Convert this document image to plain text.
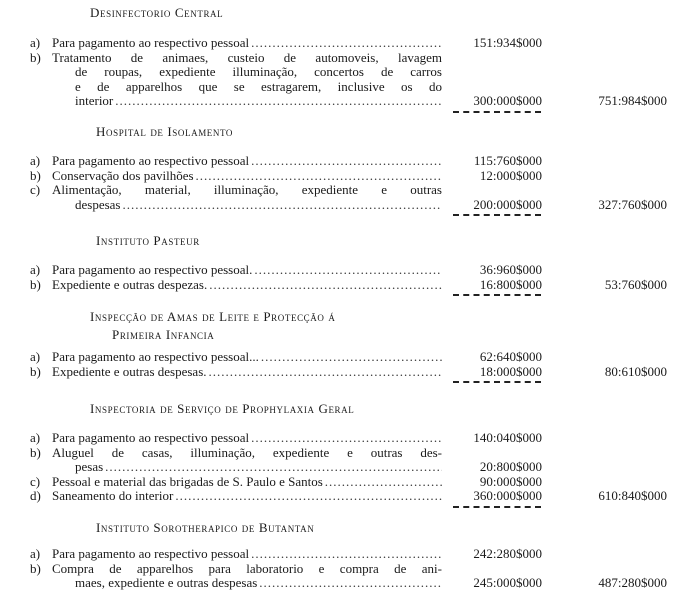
Desinfectorio Central
a) Para pagamento ao respectivo pessoal .....	151:934$000
b) Tratamento de animaes, custeio de automoveis, lavagem
de roupas, expediente illuminação, concertos de carros
e de apparelhos que se estragarem, inclusive os do
interior .....	300:000$000	751:984$000
Hospital de Isolamento
a) Para pagamento ao respectivo pessoal .....	115:760$000
b) Conservação dos pavilhões .....	12:000$000
c) Alimentação, material, illuminação, expediente e outras
despesas .....	200:000$000	327:760$000
Instituto Pasteur
a) Para pagamento ao respectivo pessoal. .....	36:960$000
b) Expediente e outras despezas. .....	16:800$000	53:760$000
Inspecção de Amas de Leite e Protecção á
Primeira Infancia
a) Para pagamento ao respectivo pessoal... .....	62:640$000
b) Expediente e outras despesas. .....	18:000$000	80:610$000
Inspectoria de Serviço de Prophylaxia Geral
a) Para pagamento ao respectivo pessoal .....	140:040$000
b) Aluguel de casas, illuminação, expediente e outras des-
pesas .....	20:800$000
c) Pessoal e material das brigadas de S. Paulo e Santos .....	90:000$000
d) Saneamento do interior .....	360:000$000	610:840$000
Instituto Sorotherapico de Butantan
a) Para pagamento ao respectivo pessoal .....	242:280$000
b) Compra de apparelhos para laboratorio e compra de ani-
maes, expediente e outras despesas .....	245:000$000	487:280$000
